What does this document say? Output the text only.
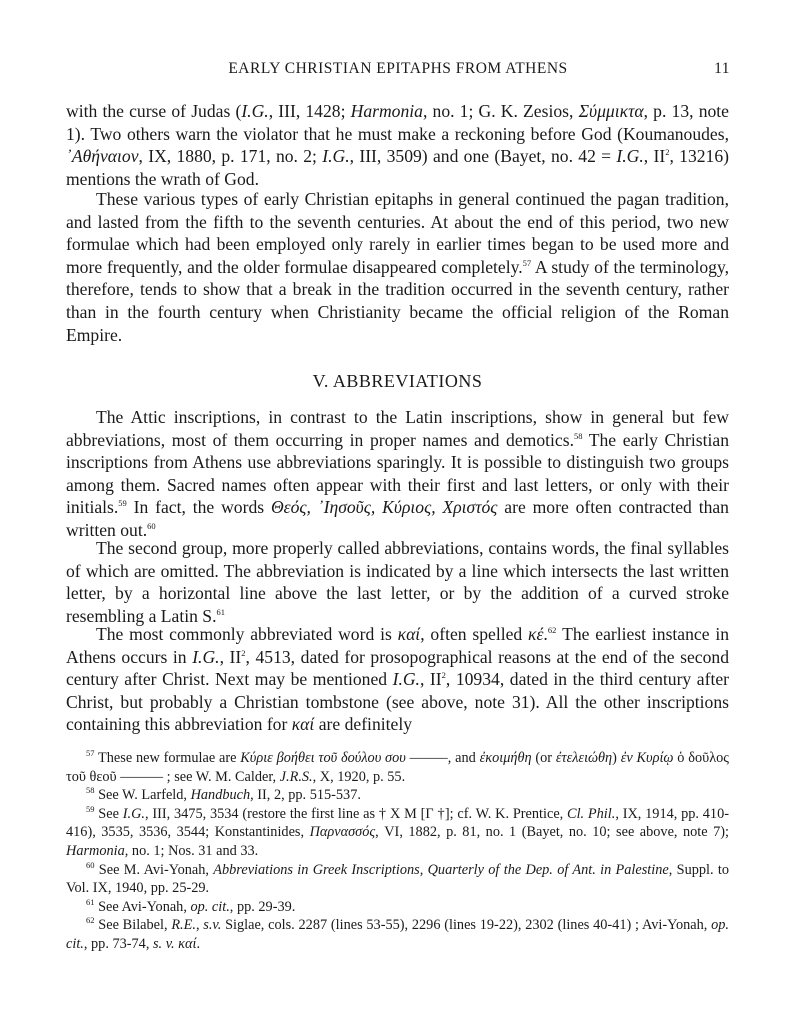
EARLY CHRISTIAN EPITAPHS FROM ATHENS	11

with the curse of Judas (I.G., III, 1428; Harmonia, no. 1; G. K. Zesios, Σύμμικτα, p. 13, note 1). Two others warn the violator that he must make a reckoning before God (Koumanoudes, ᾿Αθήναιον, IX, 1880, p. 171, no. 2; I.G., III, 3509) and one (Bayet, no. 42 = I.G., $II^2$, 13216) mentions the wrath of God.

These various types of early Christian epitaphs in general continued the pagan tradition, and lasted from the fifth to the seventh centuries. At about the end of this period, two new formulae which had been employed only rarely in earlier times began to be used more and more frequently, and the older formulae disappeared completely.$^{57}$ A study of the terminology, therefore, tends to show that a break in the tradition occurred in the seventh century, rather than in the fourth century when Christianity became the official religion of the Roman Empire.

V. ABBREVIATIONS

The Attic inscriptions, in contrast to the Latin inscriptions, show in general but few abbreviations, most of them occurring in proper names and demotics.$^{58}$ The early Christian inscriptions from Athens use abbreviations sparingly. It is possible to distinguish two groups among them. Sacred names often appear with their first and last letters, or only with their initials.$^{59}$ In fact, the words Θεός, ᾿Ιησοῦς, Κύριος, Χριστός are more often contracted than written out.$^{60}$

The second group, more properly called abbreviations, contains words, the final syllables of which are omitted. The abbreviation is indicated by a line which intersects the last written letter, by a horizontal line above the last letter, or by the addition of a curved stroke resembling a Latin S.$^{61}$

The most commonly abbreviated word is καί, often spelled κέ.$^{62}$ The earliest instance in Athens occurs in I.G., $II^2$, 4513, dated for prosopographical reasons at the end of the second century after Christ. Next may be mentioned I.G., $II^2$, 10934, dated in the third century after Christ, but probably a Christian tombstone (see above, note 31). All the other inscriptions containing this abbreviation for καί are definitely

$^{57}$ These new formulae are Κύριε βοήθει τοῦ δούλου σου ———, and ἐκοιμήθη (or ἐτελειώθη) ἐν Κυρίῳ ὁ δοῦλος τοῦ θεοῦ ——— ; see W. M. Calder, J.R.S., X, 1920, p. 55.

$^{58}$ See W. Larfeld, Handbuch, II, 2, pp. 515-537.

$^{59}$ See I.G., III, 3475, 3534 (restore the first line as † X M [Γ †]; cf. W. K. Prentice, Cl. Phil., IX, 1914, pp. 410-416), 3535, 3536, 3544; Konstantinides, Παρνασσός, VI, 1882, p. 81, no. 1 (Bayet, no. 10; see above, note 7); Harmonia, no. 1; Nos. 31 and 33.

$^{60}$ See M. Avi-Yonah, Abbreviations in Greek Inscriptions, Quarterly of the Dep. of Ant. in Palestine, Suppl. to Vol. IX, 1940, pp. 25-29.

$^{61}$ See Avi-Yonah, op. cit., pp. 29-39.

$^{62}$ See Bilabel, R.E., s.v. Siglae, cols. 2287 (lines 53-55), 2296 (lines 19-22), 2302 (lines 40-41) ; Avi-Yonah, op. cit., pp. 73-74, s. v. καί.
